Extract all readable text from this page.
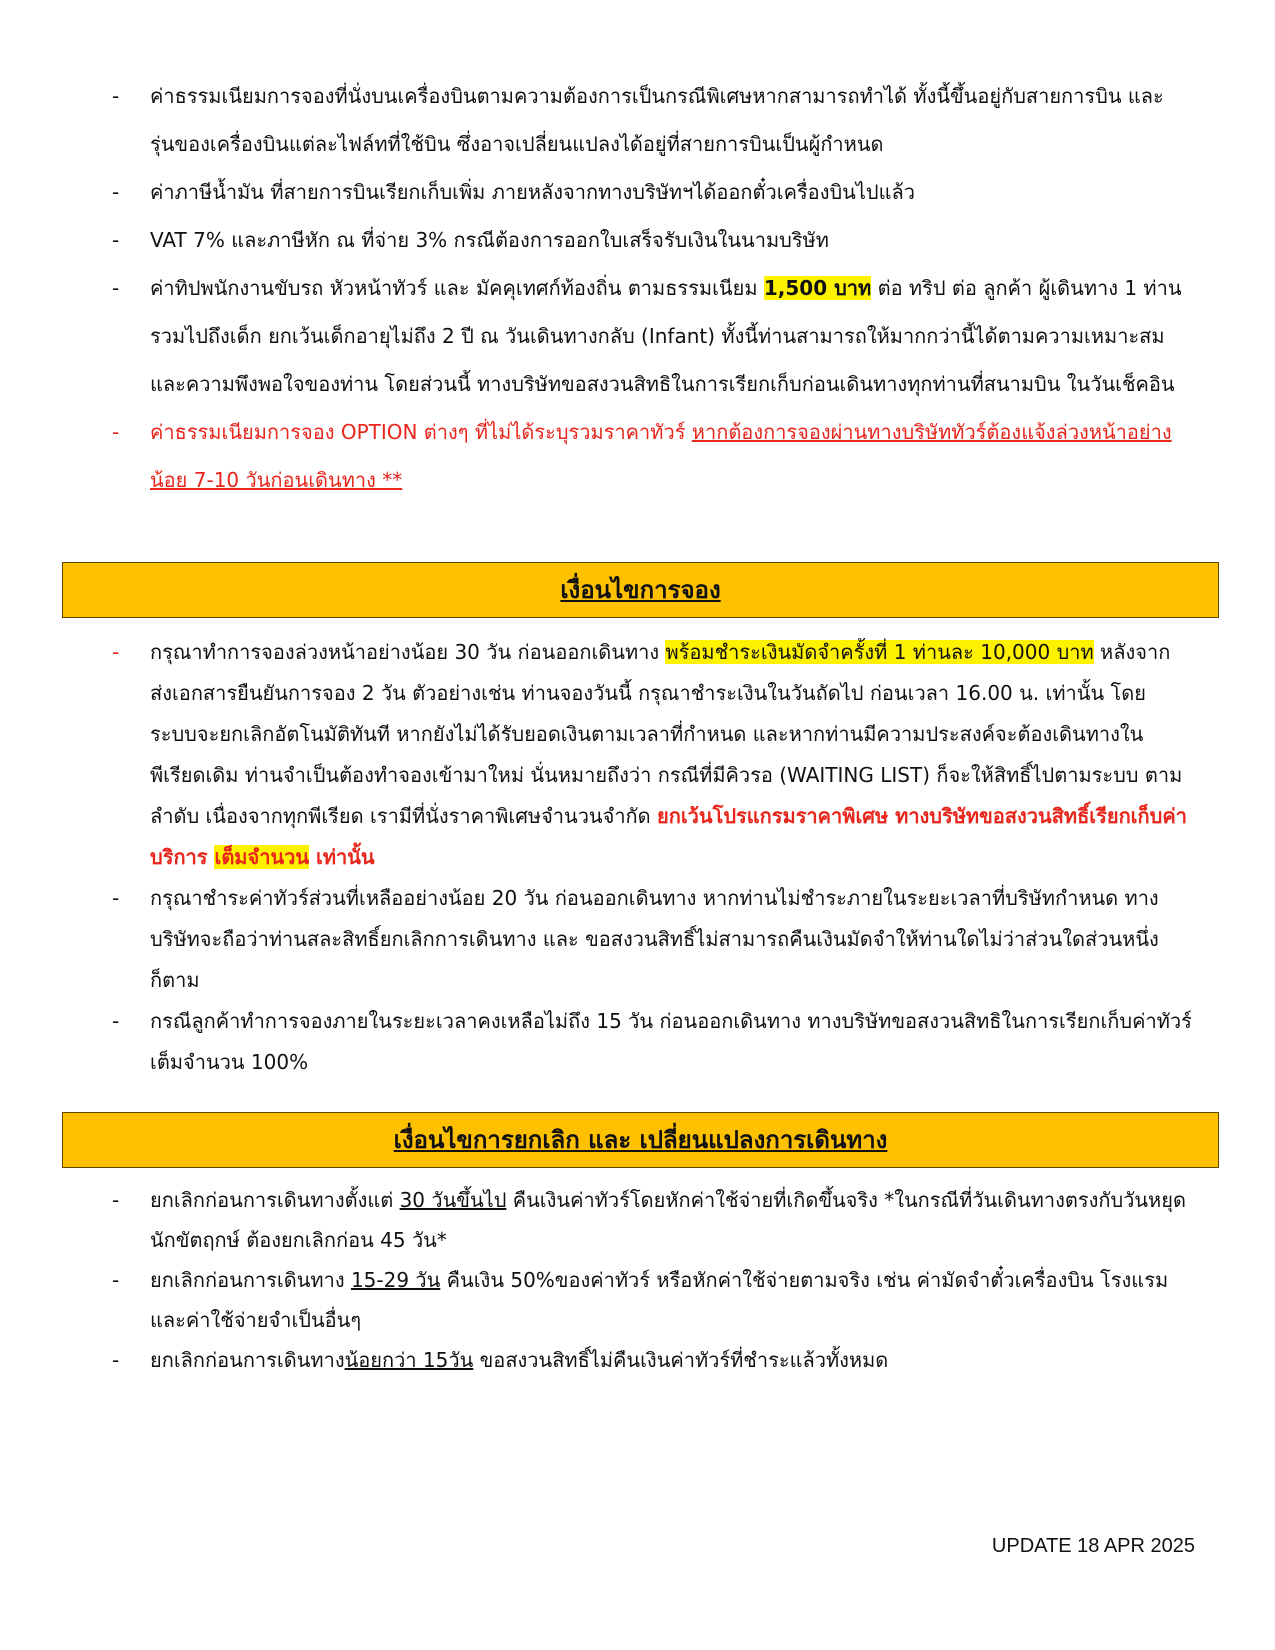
-	ค่าธรรมเนียมการจองที่นั่งบนเครื่องบินตามความต้องการเป็นกรณีพิเศษหากสามารถทำได้ ทั้งนี้ขึ้นอยู่กับสายการบิน และ รุ่นของเครื่องบินแต่ละไฟล์ทที่ใช้บิน ซึ่งอาจเปลี่ยนแปลงได้อยู่ที่สายการบินเป็นผู้กำหนด
-	ค่าภาษีน้ำมัน ที่สายการบินเรียกเก็บเพิ่ม ภายหลังจากทางบริษัทฯได้ออกตั๋วเครื่องบินไปแล้ว
-	VAT 7% และภาษีหัก ณ ที่จ่าย 3% กรณีต้องการออกใบเสร็จรับเงินในนามบริษัท
-	ค่าทิปพนักงานขับรถ หัวหน้าทัวร์ และ มัคคุเทศก์ท้องถิ่น ตามธรรมเนียม 1,500 บาท ต่อ ทริป ต่อ ลูกค้า ผู้เดินทาง 1 ท่าน รวมไปถึงเด็ก ยกเว้นเด็กอายุไม่ถึง 2 ปี ณ วันเดินทางกลับ (Infant) ทั้งนี้ท่านสามารถให้มากกว่านี้ได้ตามความเหมาะสมและความพึงพอใจของท่าน โดยส่วนนี้ ทางบริษัทขอสงวนสิทธิในการเรียกเก็บก่อนเดินทางทุกท่านที่สนามบิน ในวันเช็คอิน
-	ค่าธรรมเนียมการจอง OPTION ต่างๆ ที่ไม่ได้ระบุรวมราคาทัวร์ หากต้องการจองผ่านทางบริษัททัวร์ต้องแจ้งล่วงหน้าอย่างน้อย 7-10 วันก่อนเดินทาง **
เงื่อนไขการจอง
-	กรุณาทำการจองล่วงหน้าอย่างน้อย 30 วัน ก่อนออกเดินทาง พร้อมชำระเงินมัดจำครั้งที่ 1 ท่านละ 10,000 บาท หลังจากส่งเอกสารยืนยันการจอง 2 วัน ตัวอย่างเช่น ท่านจองวันนี้ กรุณาชำระเงินในวันถัดไป ก่อนเวลา 16.00 น. เท่านั้น โดยระบบจะยกเลิกอัตโนมัติทันที หากยังไม่ได้รับยอดเงินตามเวลาที่กำหนด และหากท่านมีความประสงค์จะต้องเดินทางในพีเรียดเดิม ท่านจำเป็นต้องทำจองเข้ามาใหม่ นั่นหมายถึงว่า กรณีที่มีคิวรอ (WAITING LIST) ก็จะให้สิทธิ์ไปตามระบบ ตามลำดับ เนื่องจากทุกพีเรียด เรามีที่นั่งราคาพิเศษจำนวนจำกัด ยกเว้นโปรแกรมราคาพิเศษ ทางบริษัทขอสงวนสิทธิ์เรียกเก็บค่าบริการ เต็มจำนวน เท่านั้น
-	กรุณาชำระค่าทัวร์ส่วนที่เหลืออย่างน้อย 20 วัน ก่อนออกเดินทาง หากท่านไม่ชำระภายในระยะเวลาที่บริษัทกำหนด ทางบริษัทจะถือว่าท่านสละสิทธิ์ยกเลิกการเดินทาง และ ขอสงวนสิทธิ์ไม่สามารถคืนเงินมัดจำให้ท่านใดไม่ว่าส่วนใดส่วนหนึ่งก็ตาม
-	กรณีลูกค้าทำการจองภายในระยะเวลาคงเหลือไม่ถึง 15 วัน ก่อนออกเดินทาง ทางบริษัทขอสงวนสิทธิในการเรียกเก็บค่าทัวร์เต็มจำนวน 100%
เงื่อนไขการยกเลิก และ เปลี่ยนแปลงการเดินทาง
-	ยกเลิกก่อนการเดินทางตั้งแต่ 30 วันขึ้นไป คืนเงินค่าทัวร์โดยหักค่าใช้จ่ายที่เกิดขึ้นจริง *ในกรณีที่วันเดินทางตรงกับวันหยุดนักขัตฤกษ์ ต้องยกเลิกก่อน 45 วัน*
-	ยกเลิกก่อนการเดินทาง 15-29 วัน คืนเงิน 50%ของค่าทัวร์ หรือหักค่าใช้จ่ายตามจริง เช่น ค่ามัดจำตั๋วเครื่องบิน โรงแรม และค่าใช้จ่ายจำเป็นอื่นๆ
-	ยกเลิกก่อนการเดินทางน้อยกว่า 15วัน ขอสงวนสิทธิ์ไม่คืนเงินค่าทัวร์ที่ชำระแล้วทั้งหมด
UPDATE 18 APR 2025
